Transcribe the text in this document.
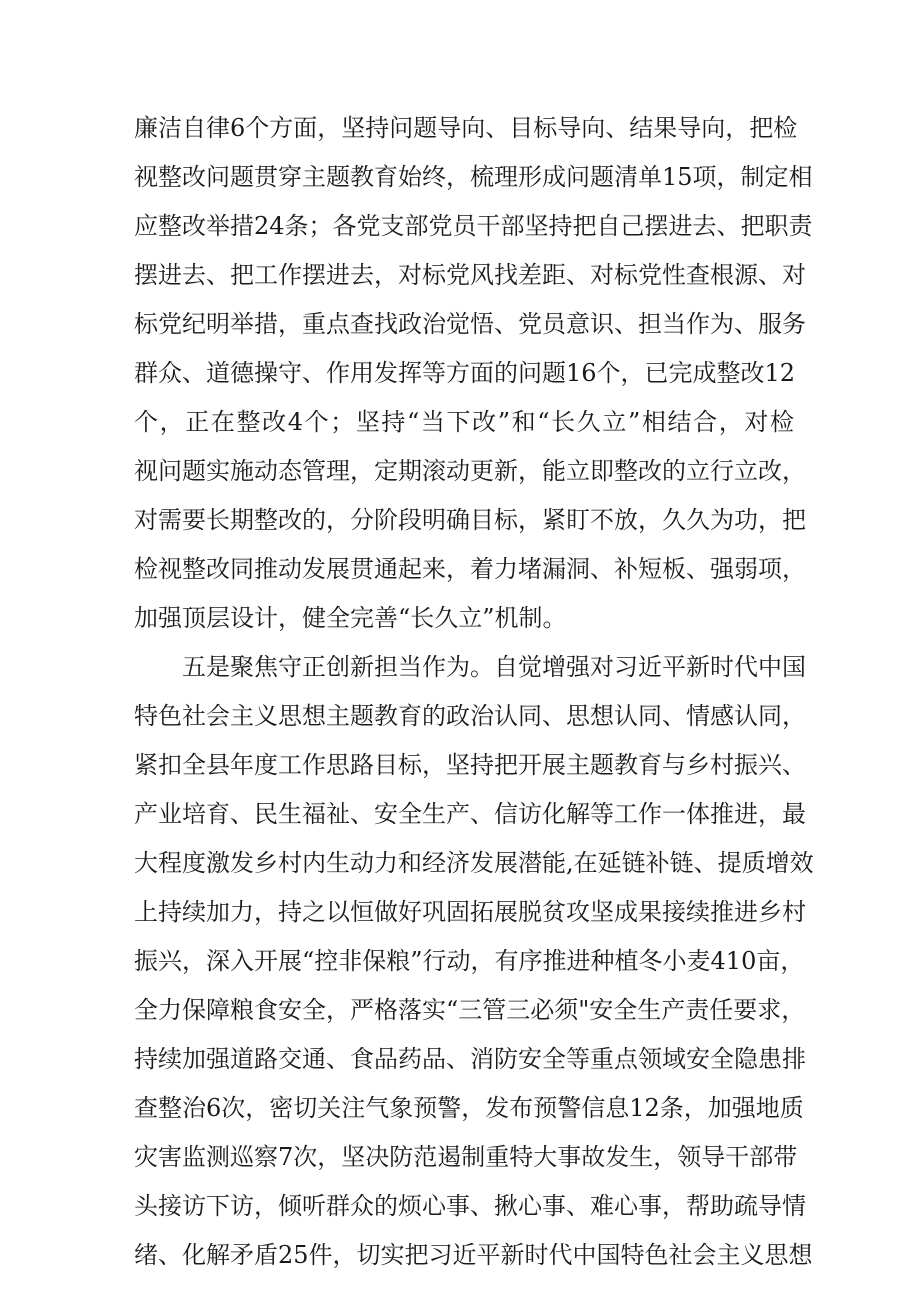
廉洁自律6个方面，坚持问题导向、目标导向、结果导向，把检
视整改问题贯穿主题教育始终，梳理形成问题清单15项，制定相
应整改举措24条；各党支部党员干部坚持把自己摆进去、把职责
摆进去、把工作摆进去，对标党风找差距、对标党性查根源、对
标党纪明举措，重点查找政治觉悟、党员意识、担当作为、服务
群众、道德操守、作用发挥等方面的问题16个，已完成整改12
个，正在整改4个；坚持“当下改”和“长久立”相结合，对检
视问题实施动态管理，定期滚动更新，能立即整改的立行立改，
对需要长期整改的，分阶段明确目标，紧盯不放，久久为功，把
检视整改同推动发展贯通起来，着力堵漏洞、补短板、强弱项，
加强顶层设计，健全完善“长久立”机制。
五是聚焦守正创新担当作为。自觉增强对习近平新时代中国
特色社会主义思想主题教育的政治认同、思想认同、情感认同，
紧扣全县年度工作思路目标，坚持把开展主题教育与乡村振兴、
产业培育、民生福祉、安全生产、信访化解等工作一体推进，最
大程度激发乡村内生动力和经济发展潜能,在延链补链、提质增效
上持续加力，持之以恒做好巩固拓展脱贫攻坚成果接续推进乡村
振兴，深入开展“控非保粮”行动，有序推进种植冬小麦410亩，
全力保障粮食安全，严格落实“三管三必须"安全生产责任要求，
持续加强道路交通、食品药品、消防安全等重点领域安全隐患排
查整治6次，密切关注气象预警，发布预警信息12条，加强地质
灾害监测巡察7次，坚决防范遏制重特大事故发生，领导干部带
头接访下访，倾听群众的烦心事、揪心事、难心事，帮助疏导情
绪、化解矛盾25件，切实把习近平新时代中国特色社会主义思想
